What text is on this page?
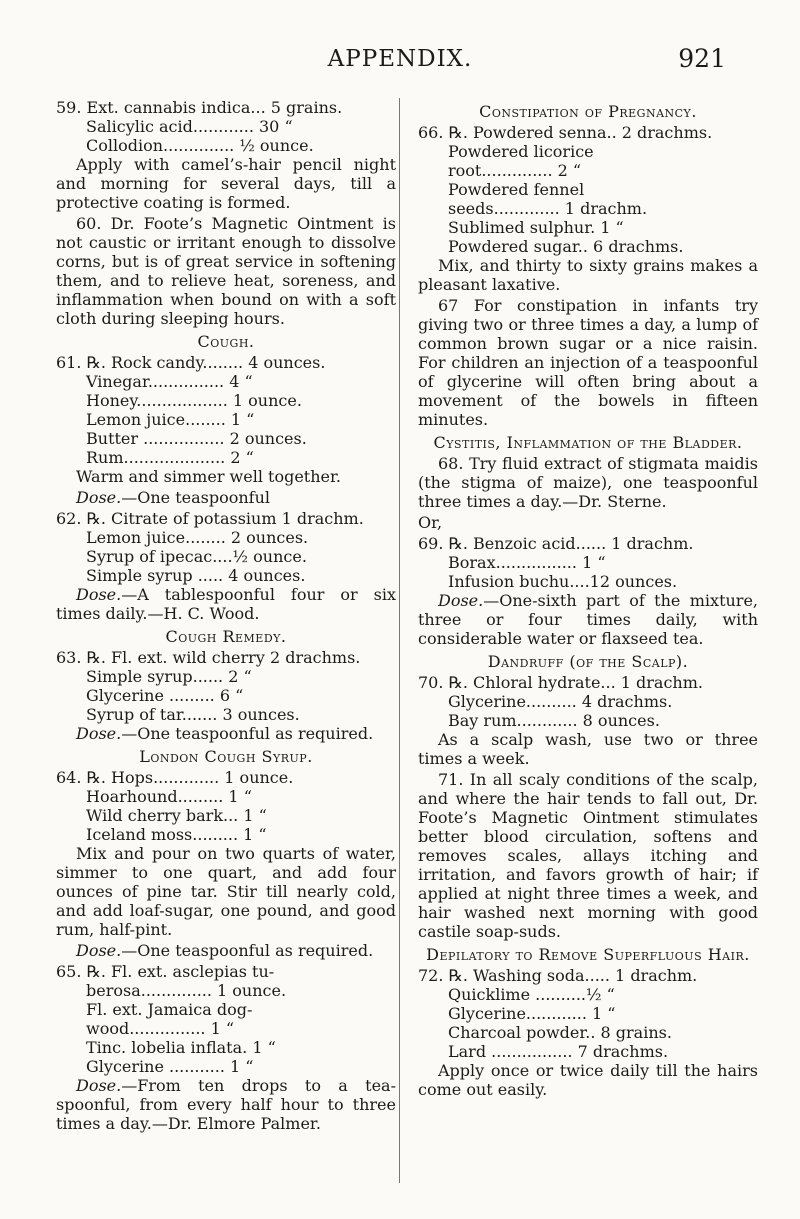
APPENDIX.	921
59. Ext. cannabis indica... 5 grains.
Salicylic acid............ 30 “
Collodion.............. ½ ounce.
Apply with camel’s-hair pencil night and morning for several days, till a protective coating is formed.
60. Dr. Foote’s Magnetic Ointment is not caustic or irritant enough to dissolve corns, but is of great service in softening them, and to relieve heat, soreness, and inflammation when bound on with a soft cloth during sleeping hours.
Cough.
61. ℞. Rock candy........ 4 ounces.
Vinegar............... 4 “
Honey.................. 1 ounce.
Lemon juice........ 1 “
Butter ................ 2 ounces.
Rum.................... 2 “
Warm and simmer well together.
Dose.—One teaspoonful
62. ℞. Citrate of potassium 1 drachm.
Lemon juice........ 2 ounces.
Syrup of ipecac....½ ounce.
Simple syrup ..... 4 ounces.
Dose.—A tablespoonful four or six times daily.—H. C. Wood.
Cough Remedy.
63. ℞. Fl. ext. wild cherry 2 drachms.
Simple syrup...... 2 “
Glycerine ......... 6 “
Syrup of tar....... 3 ounces.
Dose.—One teaspoonful as required.
London Cough Syrup.
64. ℞. Hops............. 1 ounce.
Hoarhound......... 1 “
Wild cherry bark... 1 “
Iceland moss......... 1 “
Mix and pour on two quarts of water, simmer to one quart, and add four ounces of pine tar. Stir till nearly cold, and add loaf-sugar, one pound, and good rum, half-pint.
Dose.—One teaspoonful as required.
65. ℞. Fl. ext. asclepias tu-
berosa.............. 1 ounce.
Fl. ext. Jamaica dog-
wood............... 1 “
Tinc. lobelia inflata. 1 “
Glycerine ........... 1 “
Dose.—From ten drops to a tea-spoonful, from every half hour to three times a day.—Dr. Elmore Palmer.
Constipation of Pregnancy.
66. ℞. Powdered senna.. 2 drachms.
Powdered licorice
root.............. 2 “
Powdered fennel
seeds............. 1 drachm.
Sublimed sulphur. 1 “
Powdered sugar.. 6 drachms.
Mix, and thirty to sixty grains makes a pleasant laxative.
67 For constipation in infants try giving two or three times a day, a lump of common brown sugar or a nice raisin. For children an injection of a teaspoonful of glycerine will often bring about a movement of the bowels in fifteen minutes.
Cystitis, Inflammation of the Bladder.
68. Try fluid extract of stigmata maidis (the stigma of maize), one teaspoonful three times a day.—Dr. Sterne.
Or,
69. ℞. Benzoic acid...... 1 drachm.
Borax................ 1 “
Infusion buchu....12 ounces.
Dose.—One-sixth part of the mixture, three or four times daily, with considerable water or flaxseed tea.
Dandruff (of the Scalp).
70. ℞. Chloral hydrate... 1 drachm.
Glycerine.......... 4 drachms.
Bay rum............ 8 ounces.
As a scalp wash, use two or three times a week.
71. In all scaly conditions of the scalp, and where the hair tends to fall out, Dr. Foote’s Magnetic Ointment stimulates better blood circulation, softens and removes scales, allays itching and irritation, and favors growth of hair; if applied at night three times a week, and hair washed next morning with good castile soap-suds.
Depilatory to Remove Superfluous Hair.
72. ℞. Washing soda..... 1 drachm.
Quicklime ..........½ “
Glycerine............ 1 “
Charcoal powder.. 8 grains.
Lard ................ 7 drachms.
Apply once or twice daily till the hairs come out easily.
